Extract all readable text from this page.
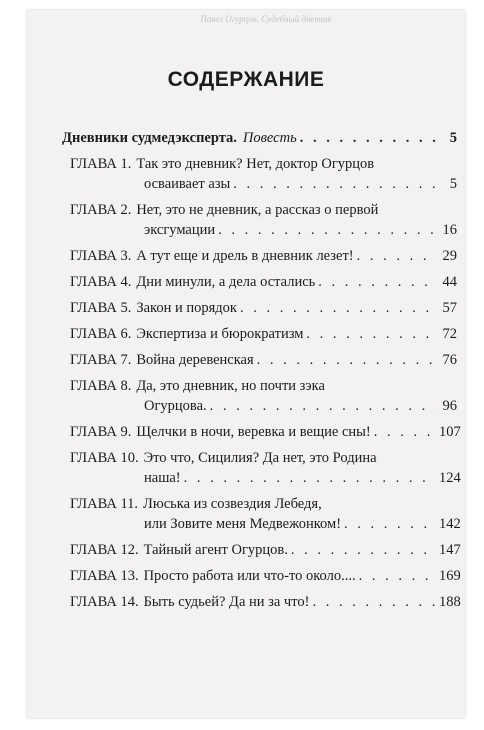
Павел Огурцов. Судебный дневник
СОДЕРЖАНИЕ
Дневники судмедэксперта. Повесть . . .	5
ГЛАВА 1. Так это дневник? Нет, доктор Огурцов
осваивает азы . . .	5
ГЛАВА 2. Нет, это не дневник, а рассказ о первой
эксгумации . . .	16
ГЛАВА 3. А тут еще и дрель в дневник лезет! . . .	29
ГЛАВА 4. Дни минули, а дела остались . . .	44
ГЛАВА 5. Закон и порядок . . .	57
ГЛАВА 6. Экспертиза и бюрократизм . . .	72
ГЛАВА 7. Война деревенская . . .	76
ГЛАВА 8. Да, это дневник, но почти зэка
Огурцова. . . .	96
ГЛАВА 9. Щелчки в ночи, веревка и вещие сны! . . .	107
ГЛАВА 10. Это что, Сицилия? Да нет, это Родина
наша! . . .	124
ГЛАВА 11. Люська из созвездия Лебедя,
или Зовите меня Медвежонком! . . .	142
ГЛАВА 12. Тайный агент Огурцов. . . .	147
ГЛАВА 13. Просто работа или что-то около.... . . .	169
ГЛАВА 14. Быть судьей? Да ни за что! . . .	188
